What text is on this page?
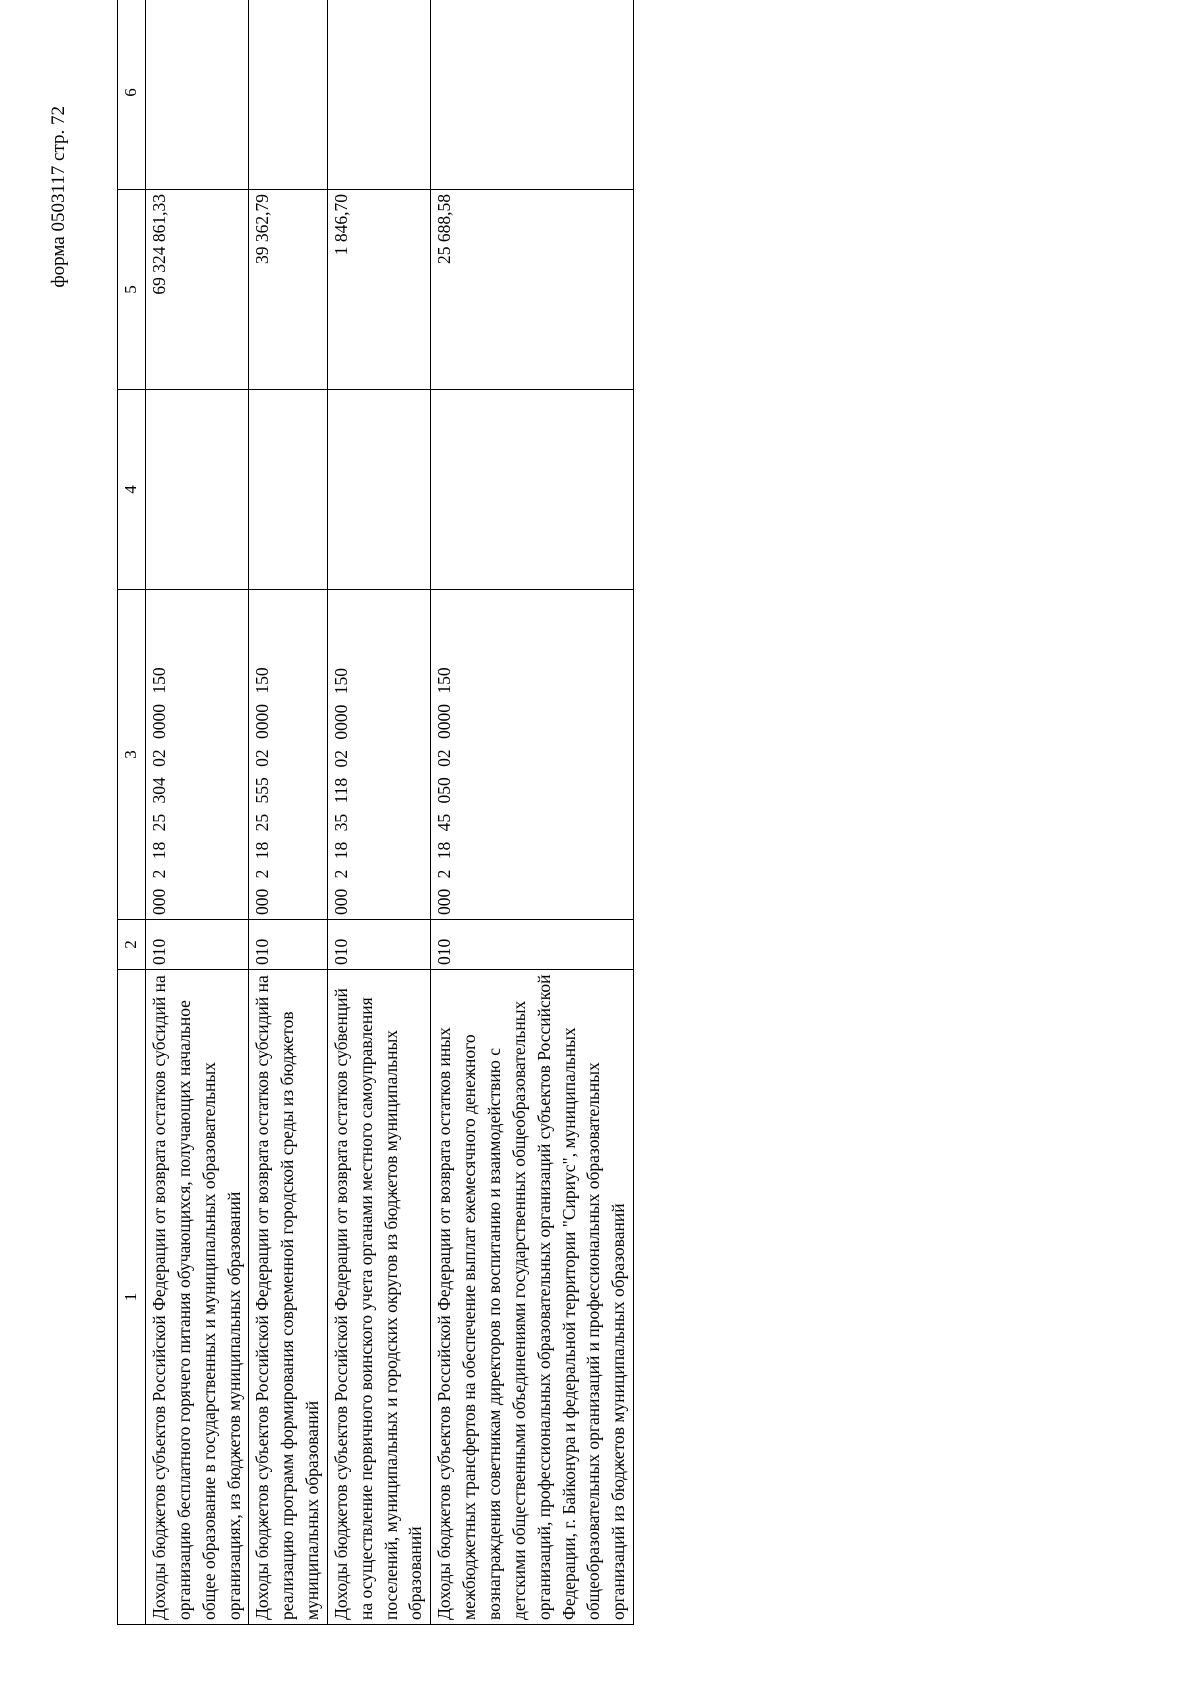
форма 0503117 стр. 72
1	2	3	4	5	6
Доходы бюджетов субъектов Российской Федерации от возврата остатков субсидий на организацию бесплатного горячего питания обучающихся, получающих начальное общее образование в государственных и муниципальных образовательных организациях, из бюджетов муниципальных образований	010	000 2 18 25 304 02 0000 150		69 324 861,33	
Доходы бюджетов субъектов Российской Федерации от возврата остатков субсидий на реализацию программ формирования современной городской среды из бюджетов муниципальных образований	010	000 2 18 25 555 02 0000 150		39 362,79	
Доходы бюджетов субъектов Российской Федерации от возврата остатков субвенций на осуществление первичного воинского учета органами местного самоуправления поселений, муниципальных и городских округов из бюджетов муниципальных образований	010	000 2 18 35 118 02 0000 150		1 846,70	
Доходы бюджетов субъектов Российской Федерации от возврата остатков иных межбюджетных трансфертов на обеспечение выплат ежемесячного денежного вознаграждения советникам директоров по воспитанию и взаимодействию с детскими общественными объединениями государственных общеобразовательных организаций, профессиональных образовательных организаций субъектов Российской Федерации, г. Байконура и федеральной территории "Сириус", муниципальных общеобразовательных организаций и профессиональных образовательных организаций из бюджетов муниципальных образований	010	000 2 18 45 050 02 0000 150		25 688,58	
